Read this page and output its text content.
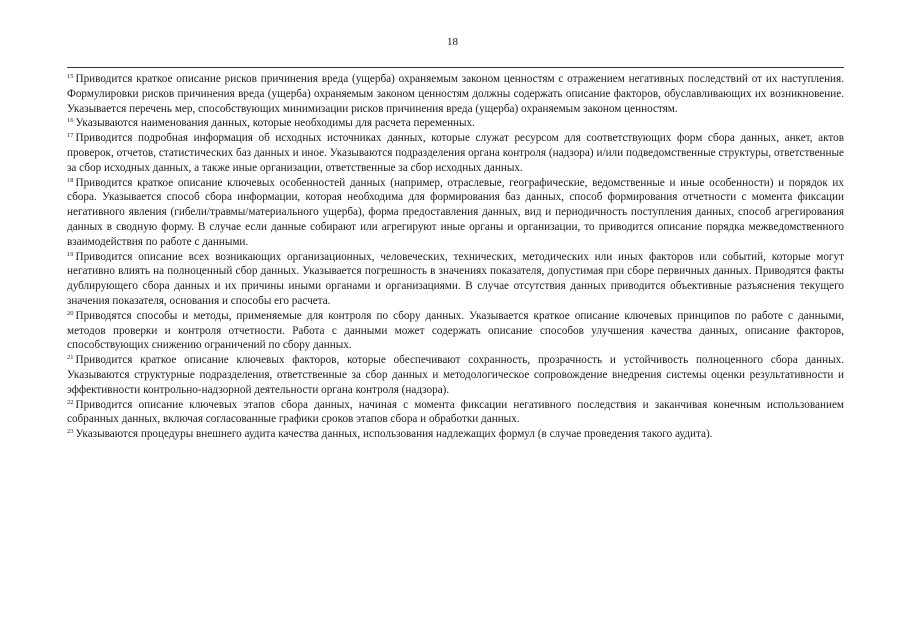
18

$^{15}$ Приводится краткое описание рисков причинения вреда (ущерба) охраняемым законом ценностям с отражением негативных последствий от их наступления. Формулировки рисков причинения вреда (ущерба) охраняемым законом ценностям должны содержать описание факторов, обуславливающих их возникновение. Указывается перечень мер, способствующих минимизации рисков причинения вреда (ущерба) охраняемым законом ценностям.

$^{16}$ Указываются наименования данных, которые необходимы для расчета переменных.

$^{17}$ Приводится подробная информация об исходных источниках данных, которые служат ресурсом для соответствующих форм сбора данных, анкет, актов проверок, отчетов, статистических баз данных и иное. Указываются подразделения органа контроля (надзора) и/или подведомственные структуры, ответственные за сбор исходных данных, а также иные организации, ответственные за сбор исходных данных.

$^{18}$ Приводится краткое описание ключевых особенностей данных (например, отраслевые, географические, ведомственные и иные особенности) и порядок их сбора. Указывается способ сбора информации, которая необходима для формирования баз данных, способ формирования отчетности с момента фиксации негативного явления (гибели/травмы/материального ущерба), форма предоставления данных, вид и периодичность поступления данных, способ агрегирования данных в сводную форму. В случае если данные собирают или агрегируют иные органы и организации, то приводится описание порядка межведомственного взаимодействия по работе с данными.

$^{19}$ Приводится описание всех возникающих организационных, человеческих, технических, методических или иных факторов или событий, которые могут негативно влиять на полноценный сбор данных. Указывается погрешность в значениях показателя, допустимая при сборе первичных данных. Приводятся факты дублирующего сбора данных и их причины иными органами и организациями. В случае отсутствия данных приводится объективные разъяснения текущего значения показателя, основания и способы его расчета.

$^{20}$ Приводятся способы и методы, применяемые для контроля по сбору данных. Указывается краткое описание ключевых принципов по работе с данными, методов проверки и контроля отчетности. Работа с данными может содержать описание способов улучшения качества данных, описание факторов, способствующих снижению ограничений по сбору данных.

$^{21}$ Приводится краткое описание ключевых факторов, которые обеспечивают сохранность, прозрачность и устойчивость полноценного сбора данных. Указываются структурные подразделения, ответственные за сбор данных и методологическое сопровождение внедрения системы оценки результативности и эффективности контрольно-надзорной деятельности органа контроля (надзора).

$^{22}$ Приводится описание ключевых этапов сбора данных, начиная с момента фиксации негативного последствия и заканчивая конечным использованием собранных данных, включая согласованные графики сроков этапов сбора и обработки данных.

$^{23}$ Указываются процедуры внешнего аудита качества данных, использования надлежащих формул (в случае проведения такого аудита).
